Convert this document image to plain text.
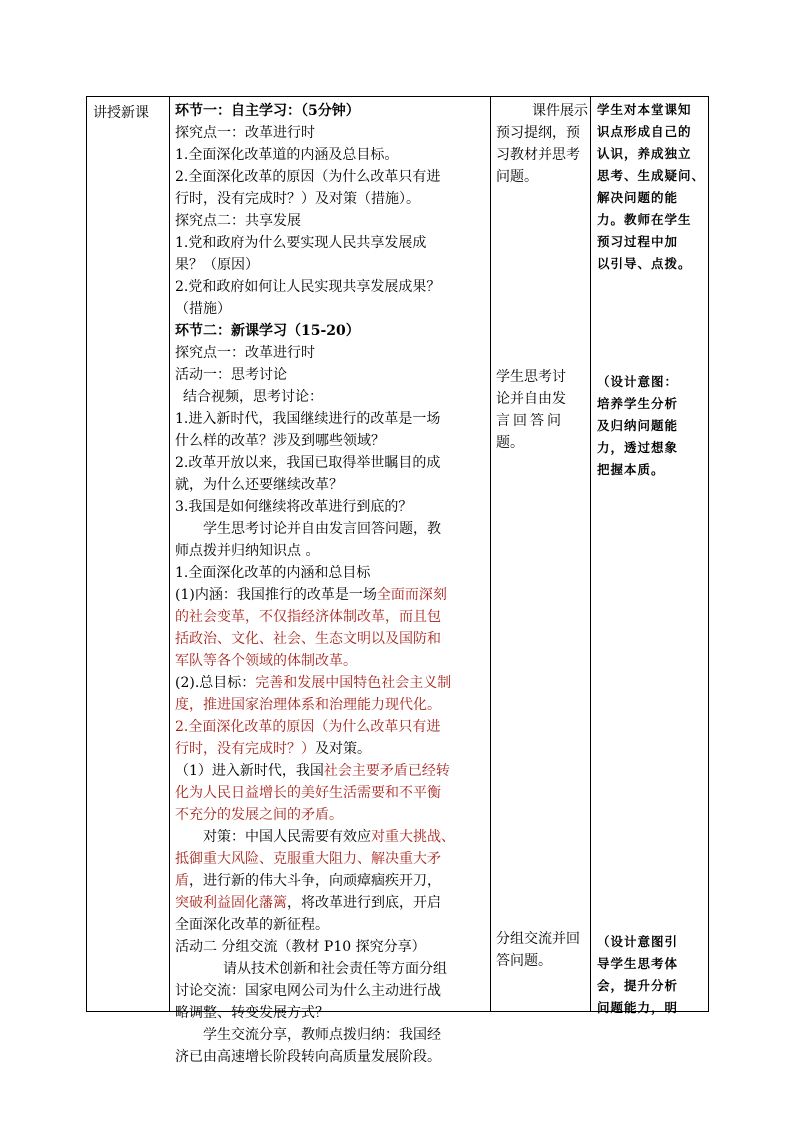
讲授新课 环节一：自主学习：（5分钟）
探究点一：改革进行时
1.全面深化改革道的内涵及总目标。
2.全面深化改革的原因（为什么改革只有进
行时，没有完成时？）及对策（措施）。
探究点二：共享发展
1.党和政府为什么要实现人民共享发展成
果？（原因）
2.党和政府如何让人民实现共享发展成果？
（措施）
环节二：新课学习（15-20）
探究点一：改革进行时
活动一：思考讨论
结合视频，思考讨论：
1.进入新时代，我国继续进行的改革是一场
什么样的改革？涉及到哪些领域？
2.改革开放以来，我国已取得举世瞩目的成
就，为什么还要继续改革？
3.我国是如何继续将改革进行到底的？
学生思考讨论并自由发言回答问题，教
师点拨并归纳知识点 。
1.全面深化改革的内涵和总目标
(1)内涵：我国推行的改革是一场全面而深刻
的社会变革，不仅指经济体制改革，而且包
括政治、文化、社会、生态文明以及国防和
军队等各个领域的体制改革。
(2).总目标：完善和发展中国特色社会主义制
度，推进国家治理体系和治理能力现代化。
2.全面深化改革的原因（为什么改革只有进
行时，没有完成时？）及对策。
（1）进入新时代，我国社会主要矛盾已经转
化为人民日益增长的美好生活需要和不平衡
不充分的发展之间的矛盾。
对策：中国人民需要有效应对重大挑战、
抵御重大风险、克服重大阻力、解决重大矛
盾，进行新的伟大斗争，向顽瘴痼疾开刀，
突破利益固化藩篱，将改革进行到底，开启
全面深化改革的新征程。
活动二 分组交流（教材 P10 探究分享）
请从技术创新和社会责任等方面分组
讨论交流：国家电网公司为什么主动进行战
略调整、转变发展方式？
学生交流分享，教师点拨归纳：我国经
济已由高速增长阶段转向高质量发展阶段。
课件展示
预习提纲，预
习教材并思考
问题。
学生思考讨
论并自由发
言回答问
题。
分组交流并回
答问题。
学生对本堂课知
识点形成自己的
认识，养成独立
思考、生成疑问、
解决问题的能
力。教师在学生
预习过程中加
以引导、点拨。
（设计意图：
培养学生分析
及归纳问题能
力，透过想象
把握本质。
（设计意图引
导学生思考体
会，提升分析
问题能力，明
